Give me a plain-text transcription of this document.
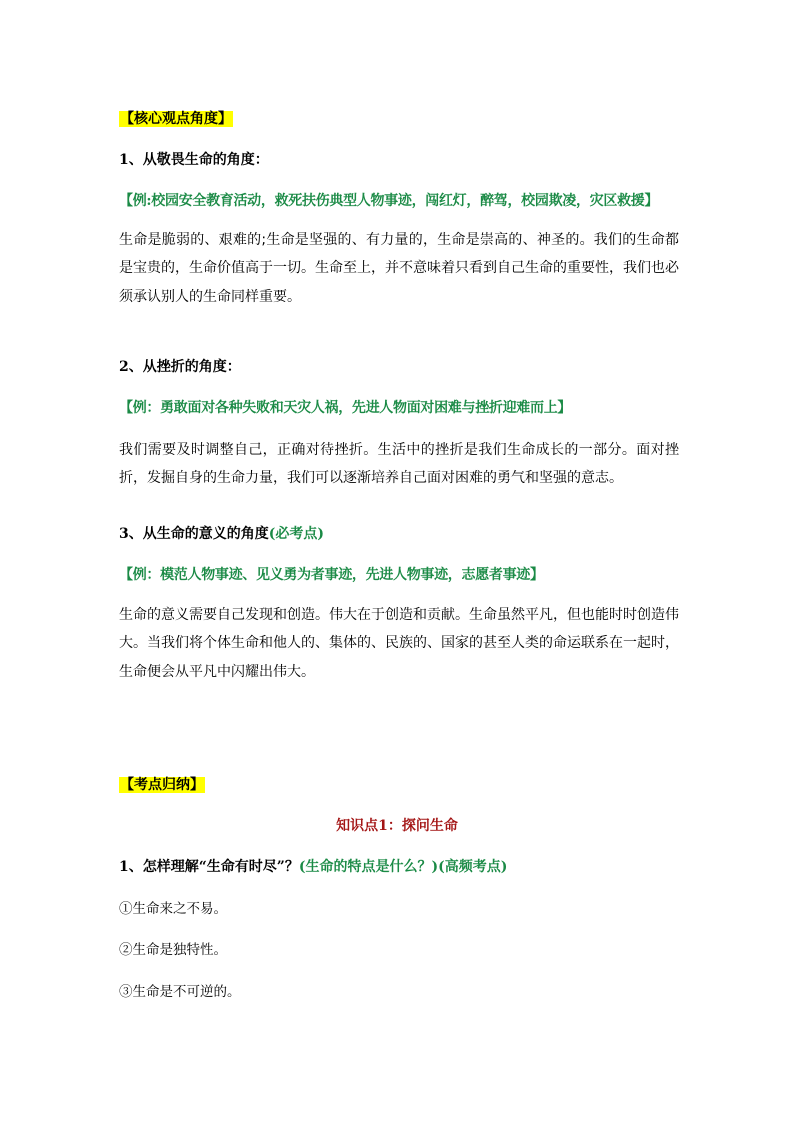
【核心观点角度】
1、从敬畏生命的角度：
【例:校园安全教育活动，救死扶伤典型人物事迹，闯红灯，醉驾，校园欺凌，灾区救援】

生命是脆弱的、艰难的;生命是坚强的、有力量的，生命是崇高的、神圣的。我们的生命都是宝贵的，生命价值高于一切。生命至上，并不意味着只看到自己生命的重要性，我们也必须承认别人的生命同样重要。

2、从挫折的角度：
【例：勇敢面对各种失败和天灾人祸，先进人物面对困难与挫折迎难而上】

我们需要及时调整自己，正确对待挫折。生活中的挫折是我们生命成长的一部分。面对挫折，发掘自身的生命力量，我们可以逐渐培养自己面对困难的勇气和坚强的意志。

3、从生命的意义的角度(必考点)
【例：模范人物事迹、见义勇为者事迹，先进人物事迹，志愿者事迹】

生命的意义需要自己发现和创造。伟大在于创造和贡献。生命虽然平凡，但也能时时创造伟大。当我们将个体生命和他人的、集体的、民族的、国家的甚至人类的命运联系在一起时，生命便会从平凡中闪耀出伟大。

【考点归纳】
知识点1：探问生命
1、怎样理解“生命有时尽”？(生命的特点是什么？)(高频考点)
①生命来之不易。
②生命是独特性。
③生命是不可逆的。
